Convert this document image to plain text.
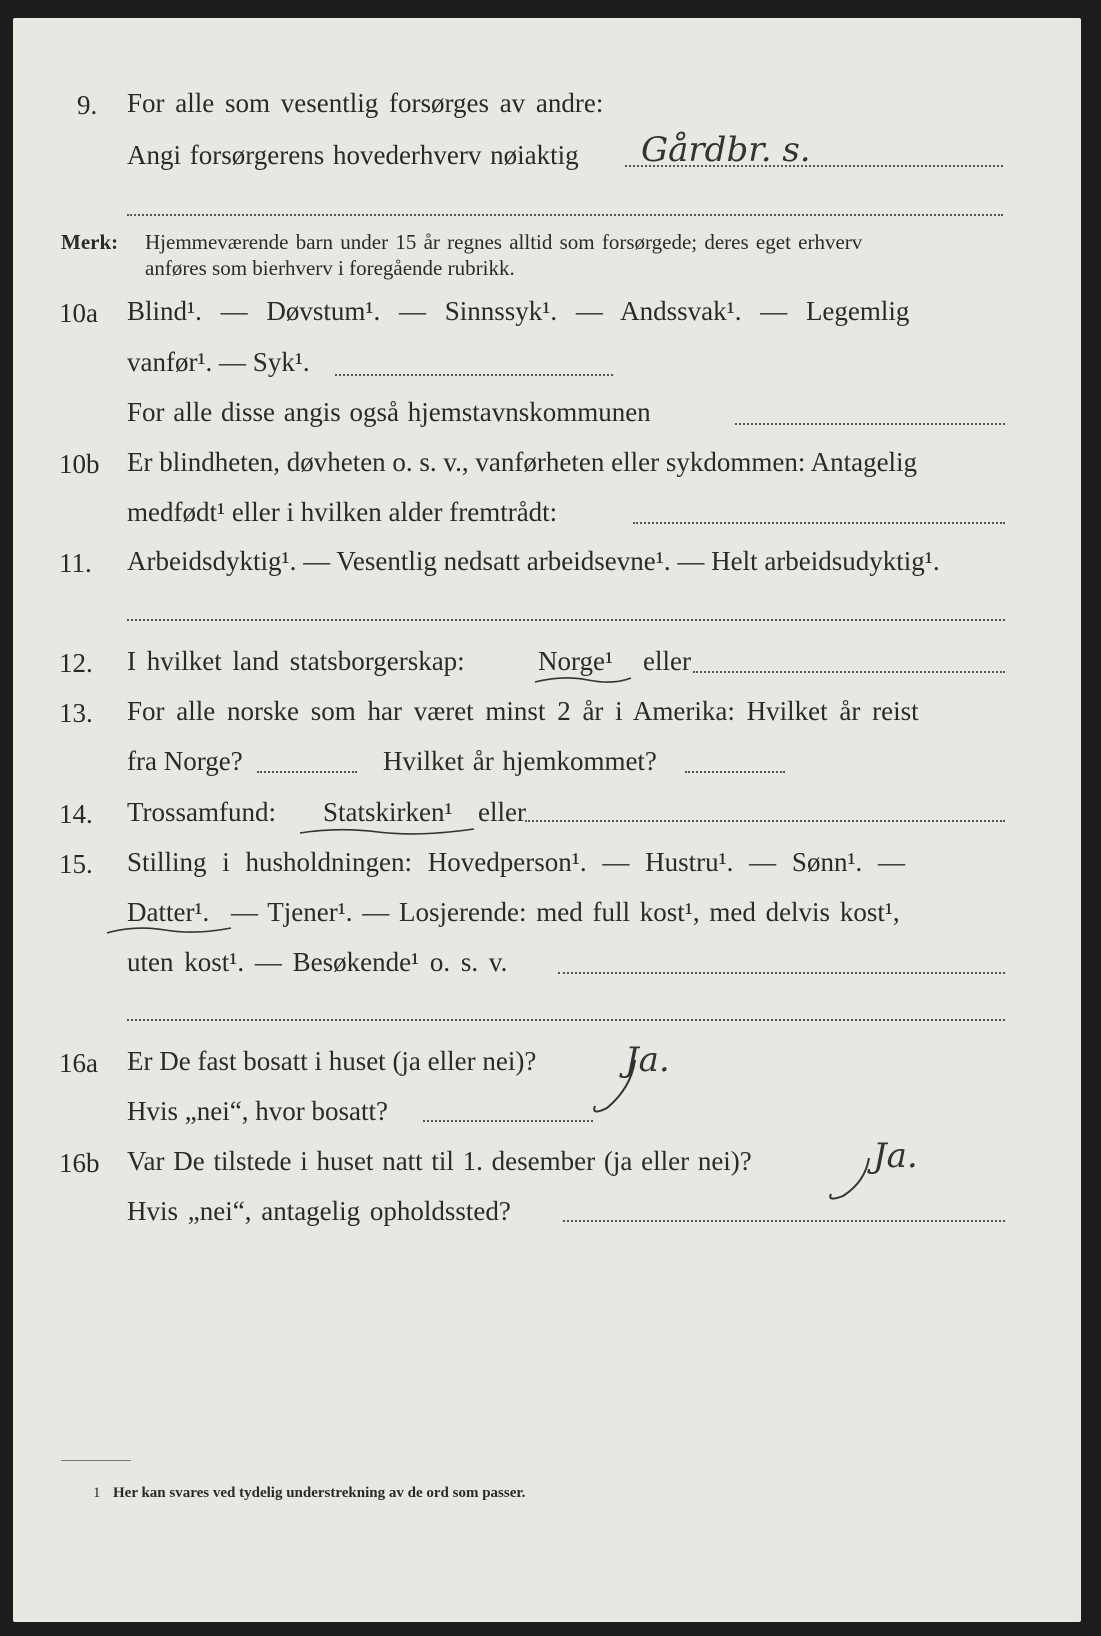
9. For alle som vesentlig forsørges av andre:
Angi forsørgerens hovederhverv nøiaktig Gårdbr. s.
Merk: Hjemmeværende barn under 15 år regnes alltid som forsørgede; deres eget erhverv
anføres som bierhverv i foregående rubrikk.
10a Blind¹. — Døvstum¹. — Sinnssyk¹. — Andssvak¹. — Legemlig
vanfør¹. — Syk¹.
For alle disse angis også hjemstavnskommunen
10b Er blindheten, døvheten o. s. v., vanførheten eller sykdommen: Antagelig
medfødt¹ eller i hvilken alder fremtrådt:
11. Arbeidsdyktig¹. — Vesentlig nedsatt arbeidsevne¹. — Helt arbeidsudyktig¹.
12. I hvilket land statsborgerskap:	Norge¹ eller
13. For alle norske som har været minst 2 år i Amerika: Hvilket år reist
fra Norge?	Hvilket år hjemkommet?
14. Trossamfund: Statskirken¹ eller
15. Stilling i husholdningen: Hovedperson¹. — Hustru¹. — Sønn¹. —
Datter¹. — Tjener¹. — Losjerende: med full kost¹, med delvis kost¹,
uten kost¹. — Besøkende¹ o. s. v.
16a Er De fast bosatt i huset (ja eller nei)?	Ja.
Hvis „nei“, hvor bosatt?
16b Var De tilstede i huset natt til 1. desember (ja eller nei)?	Ja.
Hvis „nei“, antagelig opholdssted?
1 Her kan svares ved tydelig understrekning av de ord som passer.
